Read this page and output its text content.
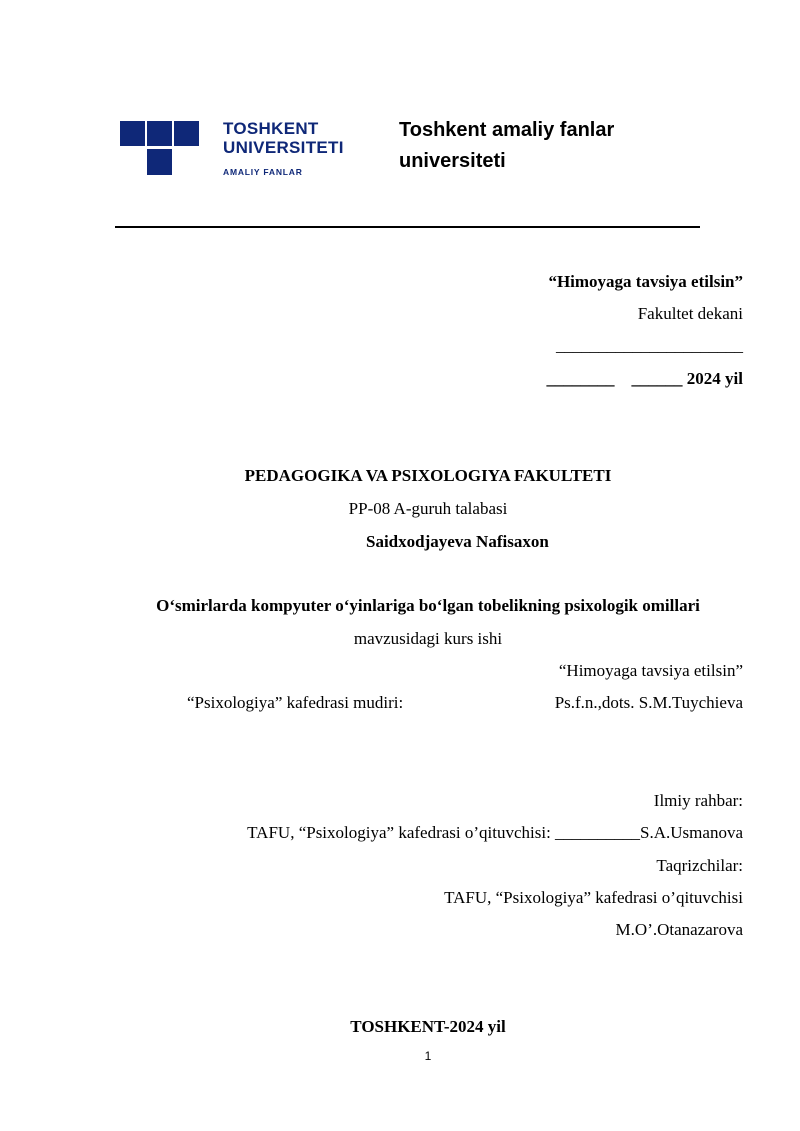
TOSHKENT
UNIVERSITETI
AMALIY FANLAR
Toshkent amaliy fanlar
universiteti
“Himoyaga tavsiya etilsin”
Fakultet dekani
______________________
________ ______ 2024 yil
PEDAGOGIKA VA PSIXOLOGIYA FAKULTETI
PP-08 A-guruh talabasi
Saidxodjayeva Nafisaxon
O‘smirlarda kompyuter o‘yinlariga bo‘lgan tobelikning psixologik omillari
mavzusidagi kurs ishi
“Himoyaga tavsiya etilsin”
“Psixologiya” kafedrasi mudiri:	Ps.f.n.,dots. S.M.Tuychieva
Ilmiy rahbar:
TAFU, “Psixologiya” kafedrasi o’qituvchisi: __________S.A.Usmanova
Taqrizchilar:
TAFU, “Psixologiya” kafedrasi o’qituvchisi
M.O’.Otanazarova
TOSHKENT-2024 yil
1
